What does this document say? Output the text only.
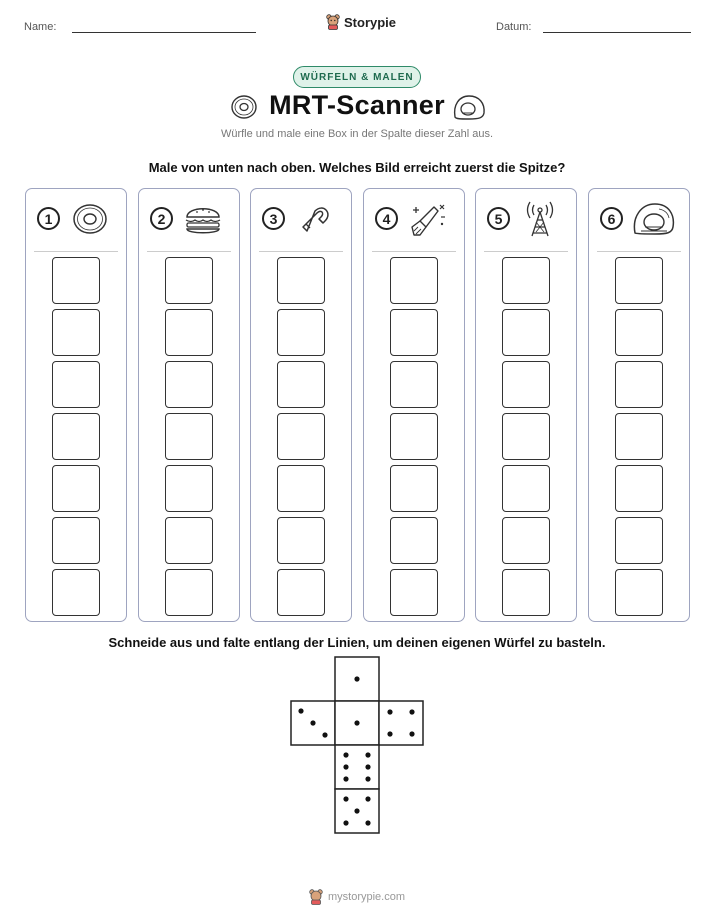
Name:	Storypie	Datum:
WÜRFELN & MALEN
MRT-Scanner
Würfle und male eine Box in der Spalte dieser Zahl aus.
Male von unten nach oben. Welches Bild erreicht zuerst die Spitze?
1	2	3	4	5	6
Schneide aus und falte entlang der Linien, um deinen eigenen Würfel zu basteln.
mystorypie.com
